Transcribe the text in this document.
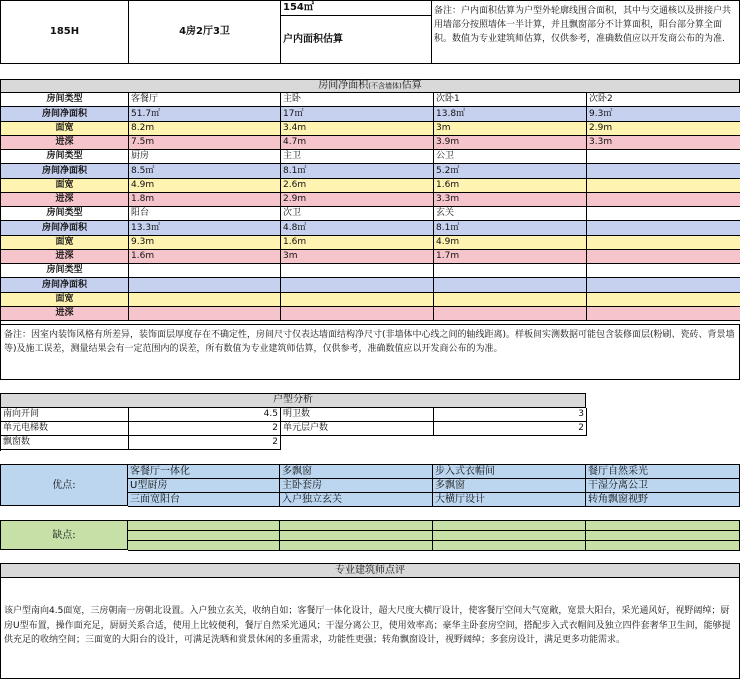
185H	4房2厅3卫
154㎡
户内面积估算
备注：户内面积估算为户型外轮廓线围合面积，其中与交通核以及拼接户共用墙部分按照墙体一半计算，并且飘窗部分不计算面积，阳台部分算全面积。数值为专业建筑师估算，仅供参考，准确数值应以开发商公布的为准.
房间净面积(不含墙体)估算
房间类型	客餐厅	主卧	次卧1	次卧2
房间净面积	51.7㎡	17㎡	13.8㎡	9.3㎡
面宽	8.2m	3.4m	3m	2.9m
进深	7.5m	4.7m	3.9m	3.3m
房间类型	厨房	主卫	公卫
房间净面积	8.5㎡	8.1㎡	5.2㎡
面宽	4.9m	2.6m	1.6m
进深	1.8m	2.9m	3.3m
房间类型	阳台	次卫	玄关
房间净面积	13.3㎡	4.8㎡	8.1㎡
面宽	9.3m	1.6m	4.9m
进深	1.6m	3m	1.7m
房间类型
房间净面积
面宽
进深
备注：因室内装饰风格有所差异，装饰面层厚度存在不确定性，房间尺寸仅表达墙面结构净尺寸(非墙体中心线之间的轴线距离)。样板间实测数据可能包含装修面层(粉刷、瓷砖、背景墙等)及施工误差，测量结果会有一定范围内的误差，所有数值为专业建筑师估算，仅供参考，准确数值应以开发商公布的为准。
户型分析
南向开间	4.5 明卫数	3
单元电梯数	2 单元层户数	2
飘窗数	2
优点:
客餐厅一体化	多飘窗	步入式衣帽间	餐厅自然采光
U型厨房	主卧套房	多飘窗	干湿分离公卫
三面宽阳台	入户独立玄关	大横厅设计	转角飘窗视野
缺点:
专业建筑师点评
该户型南向4.5面宽，三房朝南一房朝北设置。入户独立玄关，收纳自如；客餐厅一体化设计，超大尺度大横厅设计，使客餐厅空间大气宽敞，宽景大阳台，采光通风好，视野阔绰；厨房U型布置，操作面充足，厨厨关系合适，使用上比较便利，餐厅自然采光通风；干湿分离公卫，使用效率高；豪华主卧套房空间，搭配步入式衣帽间及独立四件套奢华卫生间，能够提供充足的收纳空间；三面宽的大阳台的设计，可满足洗晒和赏景休闲的多重需求，功能性更强；转角飘窗设计，视野阔绰；多套房设计，满足更多功能需求。
